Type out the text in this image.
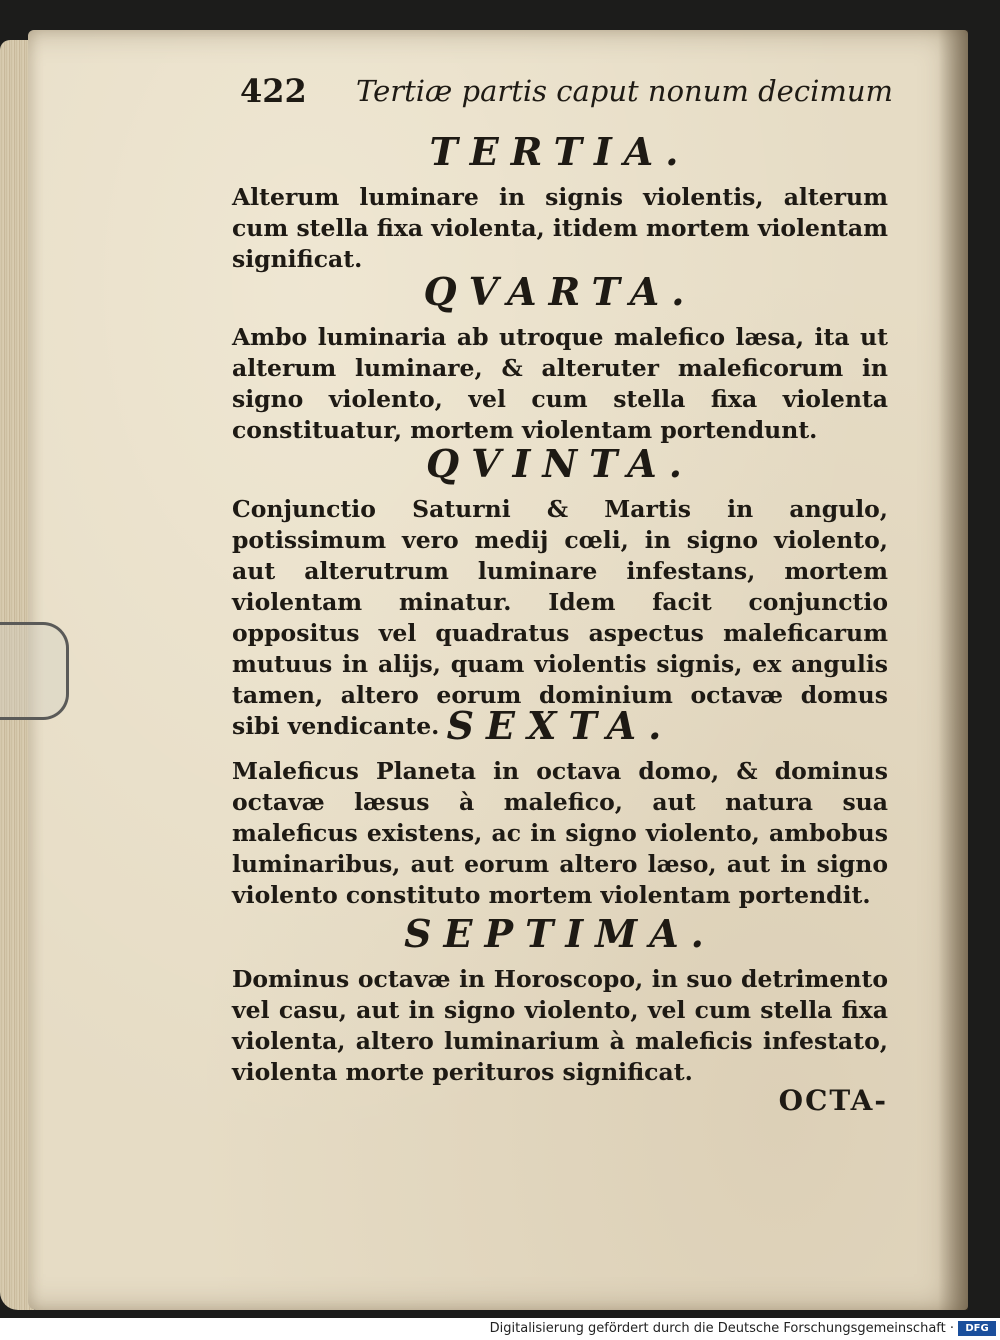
422 Tertiæ partis caput nonum decimum
TERTIA.

Alterum luminare in signis violentis, alterum cum stella fixa violenta, itidem mortem violentam significat.

QVARTA.

Ambo luminaria ab utroque malefico læsa, ita ut alterum luminare, & alteruter maleficorum in signo violento, vel cum stella fixa violenta constituatur, mortem violentam portendunt.

QVINTA.

Conjunctio Saturni & Martis in angulo, potissimum vero medij cœli, in signo violento, aut alterutrum luminare infestans, mortem violentam minatur. Idem facit conjunctio oppositus vel quadratus aspectus maleficarum mutuus in alijs, quam violentis signis, ex angulis tamen, altero eorum dominium octavæ domus sibi vendicante. SEXTA.

Maleficus Planeta in octava domo, & dominus octavæ læsus à malefico, aut natura sua maleficus existens, ac in signo violento, ambobus luminaribus, aut eorum altero læso, aut in signo violento constituto mortem violentam portendit.

SEPTIMA.

Dominus octavæ in Horoscopo, in suo detrimento vel casu, aut in signo violento, vel cum stella fixa violenta, altero luminarium à maleficis infestato, violenta morte perituros significat.

OCTA-
Digitalisierung gefördert durch die Deutsche Forschungsgemeinschaft ·	DFG
